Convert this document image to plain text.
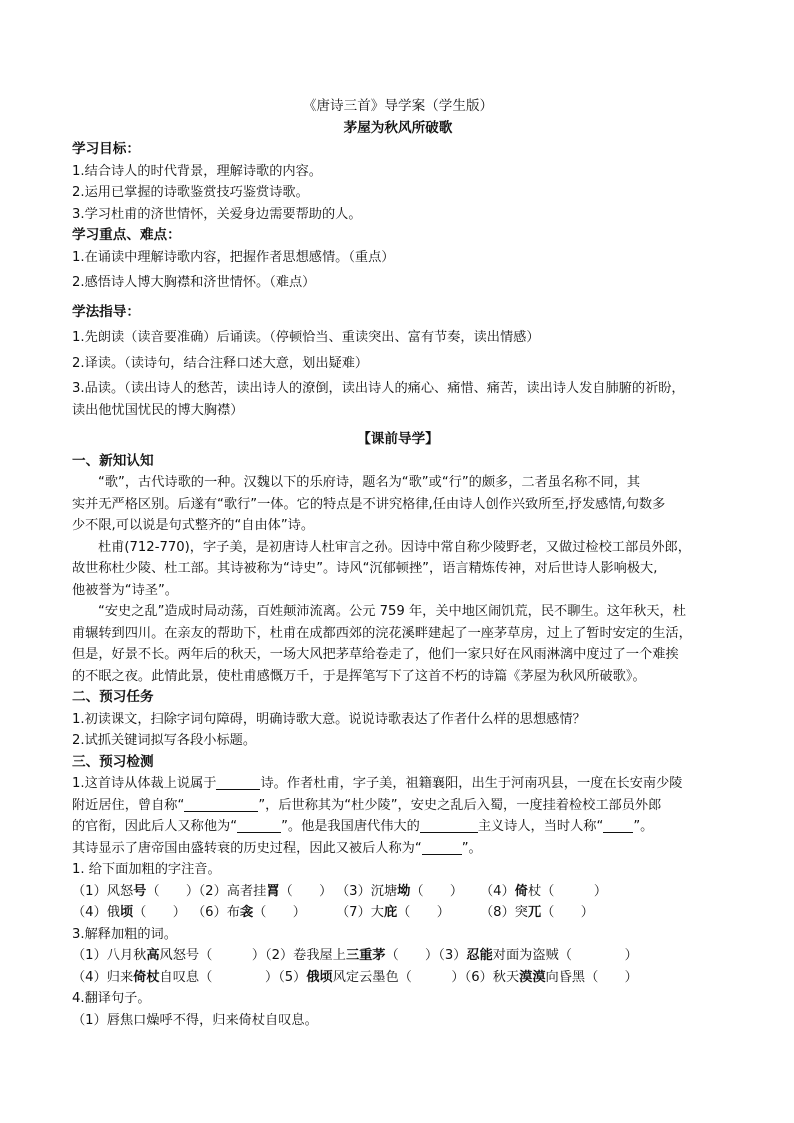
《唐诗三首》导学案（学生版）
茅屋为秋风所破歌
学习目标：
1.结合诗人的时代背景，理解诗歌的内容。
2.运用已掌握的诗歌鉴赏技巧鉴赏诗歌。
3.学习杜甫的济世情怀，关爱身边需要帮助的人。
学习重点、难点：
1.在诵读中理解诗歌内容，把握作者思想感情。（重点）
2.感悟诗人博大胸襟和济世情怀。（难点）
学法指导：
1.先朗读（读音要准确）后诵读。（停顿恰当、重读突出、富有节奏，读出情感）
2.译读。（读诗句，结合注释口述大意，划出疑难）
3.品读。（读出诗人的愁苦，读出诗人的潦倒，读出诗人的痛心、痛惜、痛苦，读出诗人发自肺腑的祈盼，
读出他忧国忧民的博大胸襟）
【课前导学】
一、新知认知
“歌”，古代诗歌的一种。汉魏以下的乐府诗，题名为“歌”或“行”的颇多，二者虽名称不同，其
实并无严格区别。后遂有“歌行”一体。它的特点是不讲究格律,任由诗人创作兴致所至,抒发感情,句数多
少不限,可以说是句式整齐的“自由体”诗。
杜甫(712-770)，字子美，是初唐诗人杜审言之孙。因诗中常自称少陵野老，又做过检校工部员外郎，
故世称杜少陵、杜工部。其诗被称为“诗史”。诗风“沉郁顿挫”，语言精炼传神，对后世诗人影响极大,
他被誉为“诗圣”。
“安史之乱”造成时局动荡，百姓颠沛流离。公元 759 年，关中地区闹饥荒，民不聊生。这年秋天，杜
甫辗转到四川。在亲友的帮助下，杜甫在成都西郊的浣花溪畔建起了一座茅草房，过上了暂时安定的生活，
但是，好景不长。两年后的秋天，一场大风把茅草给卷走了，他们一家只好在风雨淋漓中度过了一个难挨
的不眠之夜。此情此景，使杜甫感慨万千，于是挥笔写下了这首不朽的诗篇《茅屋为秋风所破歌》。
二、预习任务
1.初读课文，扫除字词句障碍，明确诗歌大意。说说诗歌表达了作者什么样的思想感情？
2.试抓关键词拟写各段小标题。
三、预习检测
1.这首诗从体裁上说属于	诗。作者杜甫，字子美，祖籍襄阳，出生于河南巩县，一度在长安南少陵
附近居住，曾自称“	”，后世称其为“杜少陵”，安史之乱后入蜀，一度挂着检校工部员外郎
的官衔，因此后人又称他为“	”。他是我国唐代伟大的	主义诗人，当时人称“ ”。
其诗显示了唐帝国由盛转衰的历史过程，因此又被后人称为“	”。
1. 给下面加粗的字注音。
（1）风怒号（　　）（2）高者挂罥（　　） （3）沉塘坳（　　） （4）倚杖（　　　）
（4）俄顷（　　） （6）布衾（　　） （7）大庇（　　） （8）突兀（　　）
3.解释加粗的词。
（1）八月秋高风怒号（　　　）（2）卷我屋上三重茅（　　）（3）忍能对面为盗贼（　　　　）
（4）归来倚杖自叹息（　　　　）（5）俄顷风定云墨色（　　　）（6）秋天漠漠向昏黑（　　）
4.翻译句子。
（1）唇焦口燥呼不得，归来倚杖自叹息。
